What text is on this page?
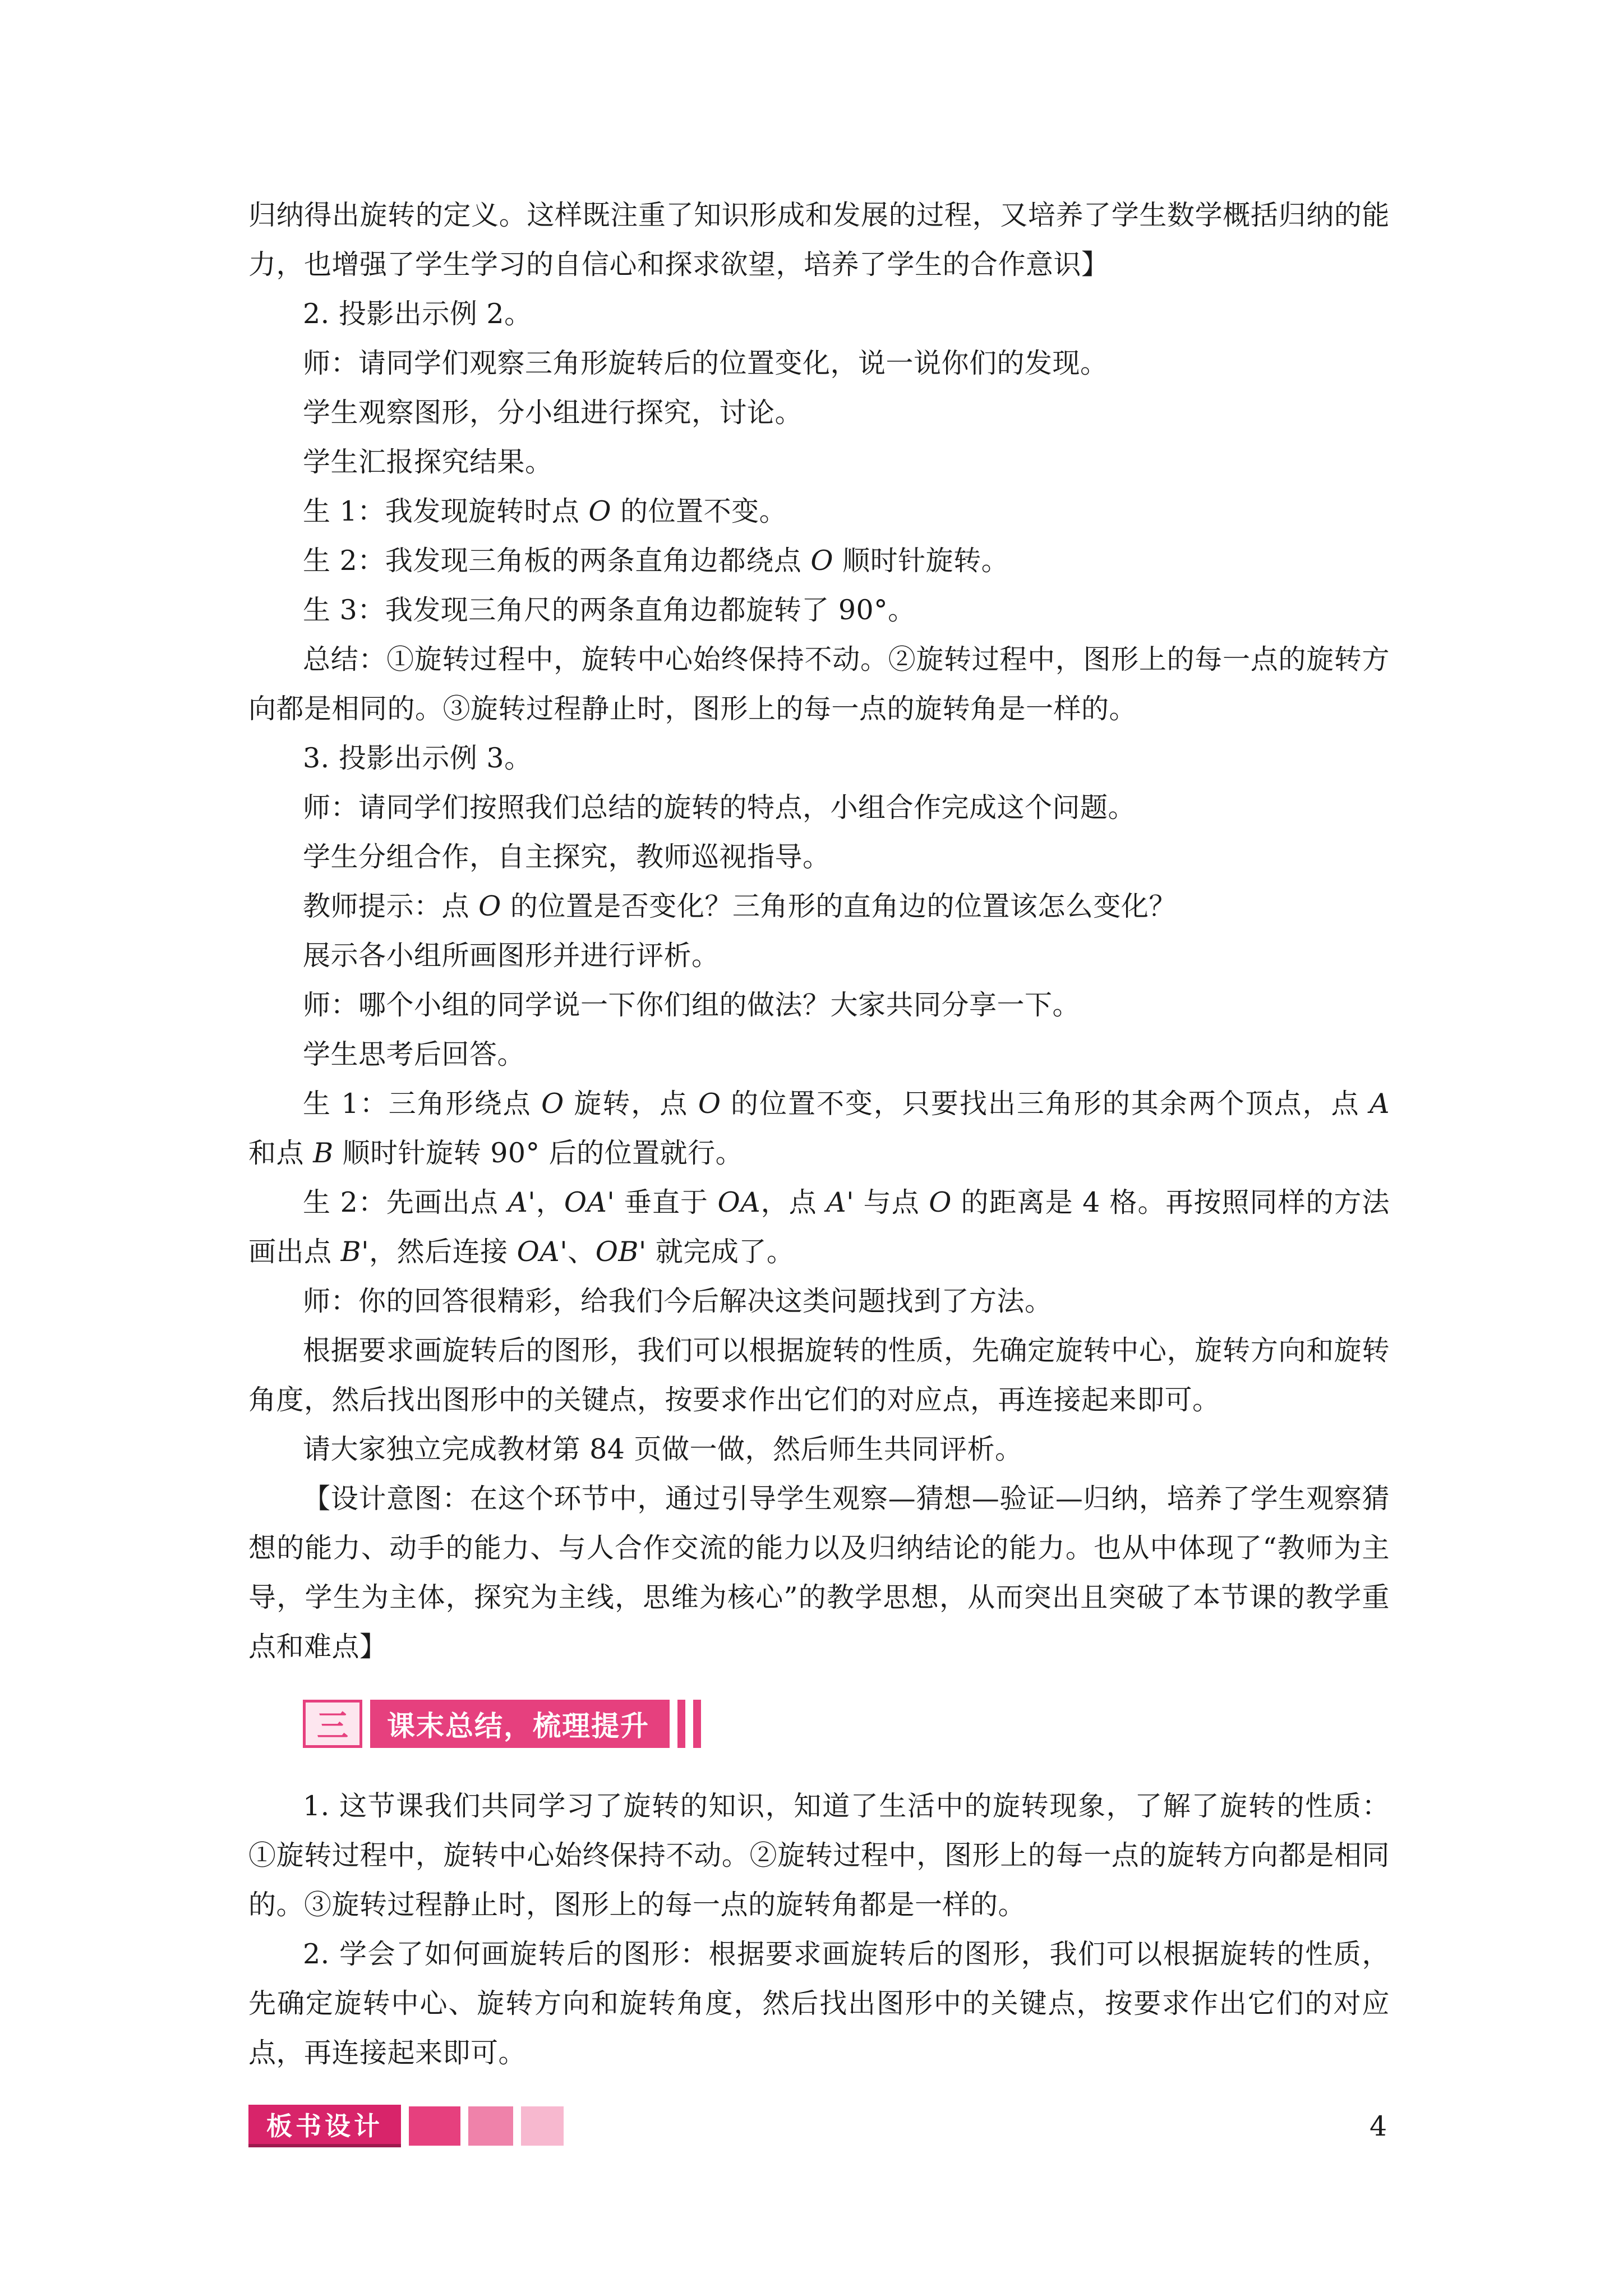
归纳得出旋转的定义。这样既注重了知识形成和发展的过程，又培养了学生数学概括归纳的能力，也增强了学生学习的自信心和探求欲望，培养了学生的合作意识】

2. 投影出示例 2。

师：请同学们观察三角形旋转后的位置变化，说一说你们的发现。

学生观察图形，分小组进行探究，讨论。

学生汇报探究结果。

生 1：我发现旋转时点 O 的位置不变。

生 2：我发现三角板的两条直角边都绕点 O 顺时针旋转。

生 3：我发现三角尺的两条直角边都旋转了 90°。

总结：①旋转过程中，旋转中心始终保持不动。②旋转过程中，图形上的每一点的旋转方向都是相同的。③旋转过程静止时，图形上的每一点的旋转角是一样的。

3. 投影出示例 3。

师：请同学们按照我们总结的旋转的特点，小组合作完成这个问题。

学生分组合作，自主探究，教师巡视指导。

教师提示：点 O 的位置是否变化？三角形的直角边的位置该怎么变化？

展示各小组所画图形并进行评析。

师：哪个小组的同学说一下你们组的做法？大家共同分享一下。

学生思考后回答。

生 1：三角形绕点 O 旋转，点 O 的位置不变，只要找出三角形的其余两个顶点，点 A 和点 B 顺时针旋转 90° 后的位置就行。

生 2：先画出点 A'，OA' 垂直于 OA，点 A' 与点 O 的距离是 4 格。再按照同样的方法画出点 B'，然后连接 OA'、OB' 就完成了。

师：你的回答很精彩，给我们今后解决这类问题找到了方法。

根据要求画旋转后的图形，我们可以根据旋转的性质，先确定旋转中心，旋转方向和旋转角度，然后找出图形中的关键点，按要求作出它们的对应点，再连接起来即可。

请大家独立完成教材第 84 页做一做，然后师生共同评析。

【设计意图：在这个环节中，通过引导学生观察—猜想—验证—归纳，培养了学生观察猜想的能力、动手的能力、与人合作交流的能力以及归纳结论的能力。也从中体现了“教师为主导，学生为主体，探究为主线，思维为核心”的教学思想，从而突出且突破了本节课的教学重点和难点】

三	课末总结，梳理提升

1. 这节课我们共同学习了旋转的知识，知道了生活中的旋转现象，了解了旋转的性质：①旋转过程中，旋转中心始终保持不动。②旋转过程中，图形上的每一点的旋转方向都是相同的。③旋转过程静止时，图形上的每一点的旋转角都是一样的。

2. 学会了如何画旋转后的图形：根据要求画旋转后的图形，我们可以根据旋转的性质，先确定旋转中心、旋转方向和旋转角度，然后找出图形中的关键点，按要求作出它们的对应点，再连接起来即可。

板书设计	4
